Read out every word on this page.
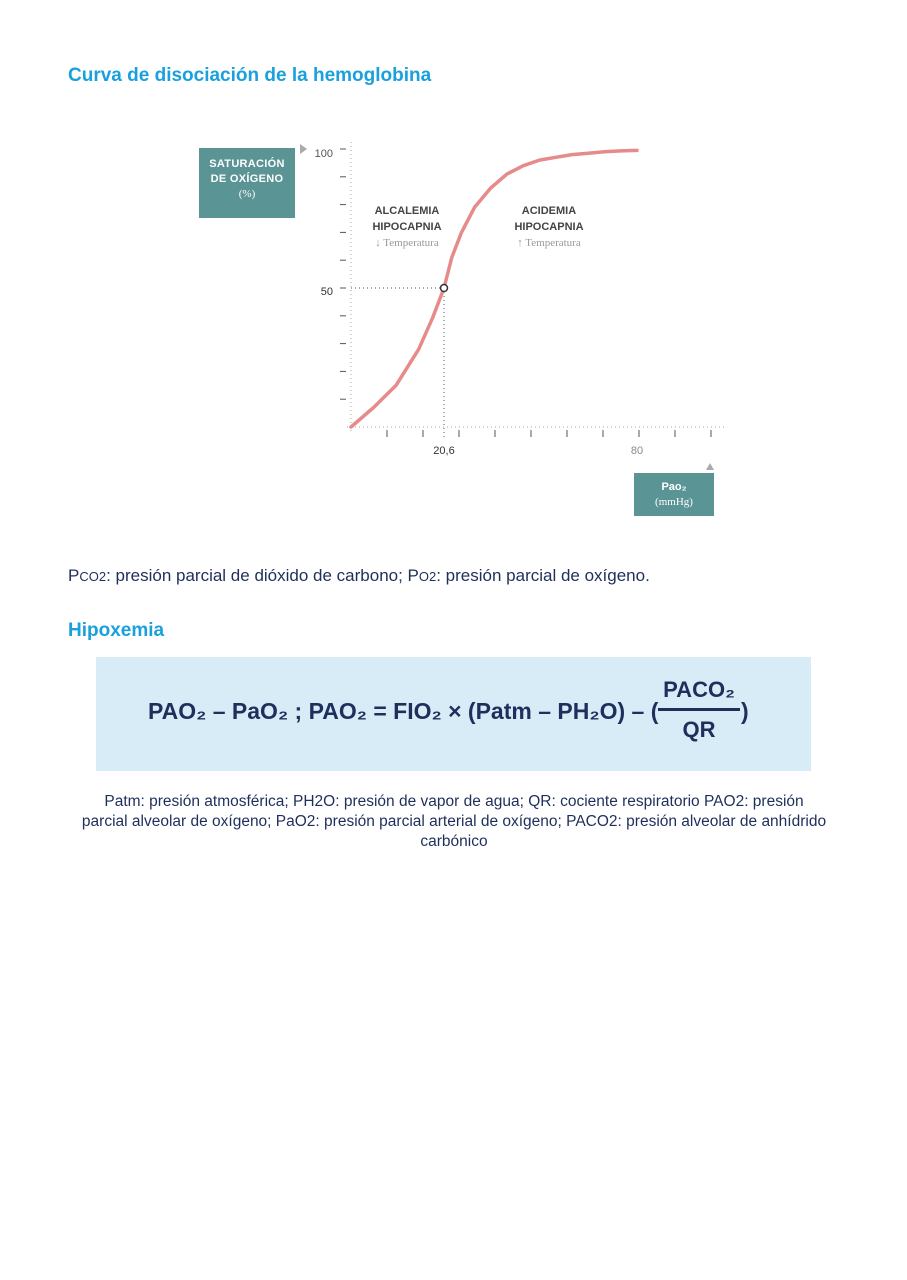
Curva de disociación de la hemoglobina
100
50
20,6	80
ALCALEMIA
HIPOCAPNIA
↓ Temperatura
ACIDEMIA
HIPOCAPNIA
↑ Temperatura
SATURACIÓN
DE OXÍGENO
(%)
Pao₂
(mmHg)
PCO2: presión parcial de dióxido de carbono; PO2: presión parcial de oxígeno.
Hipoxemia
PAO₂ – PaO₂ ; PAO₂ = FIO₂ × (Patm – PH₂O) – (
PACO₂
QR
)
Patm: presión atmosférica; PH2O: presión de vapor de agua; QR: cociente respiratorio PAO2: presión parcial alveolar de oxígeno; PaO2: presión parcial arterial de oxígeno; PACO2: presión alveolar de anhídrido carbónico
